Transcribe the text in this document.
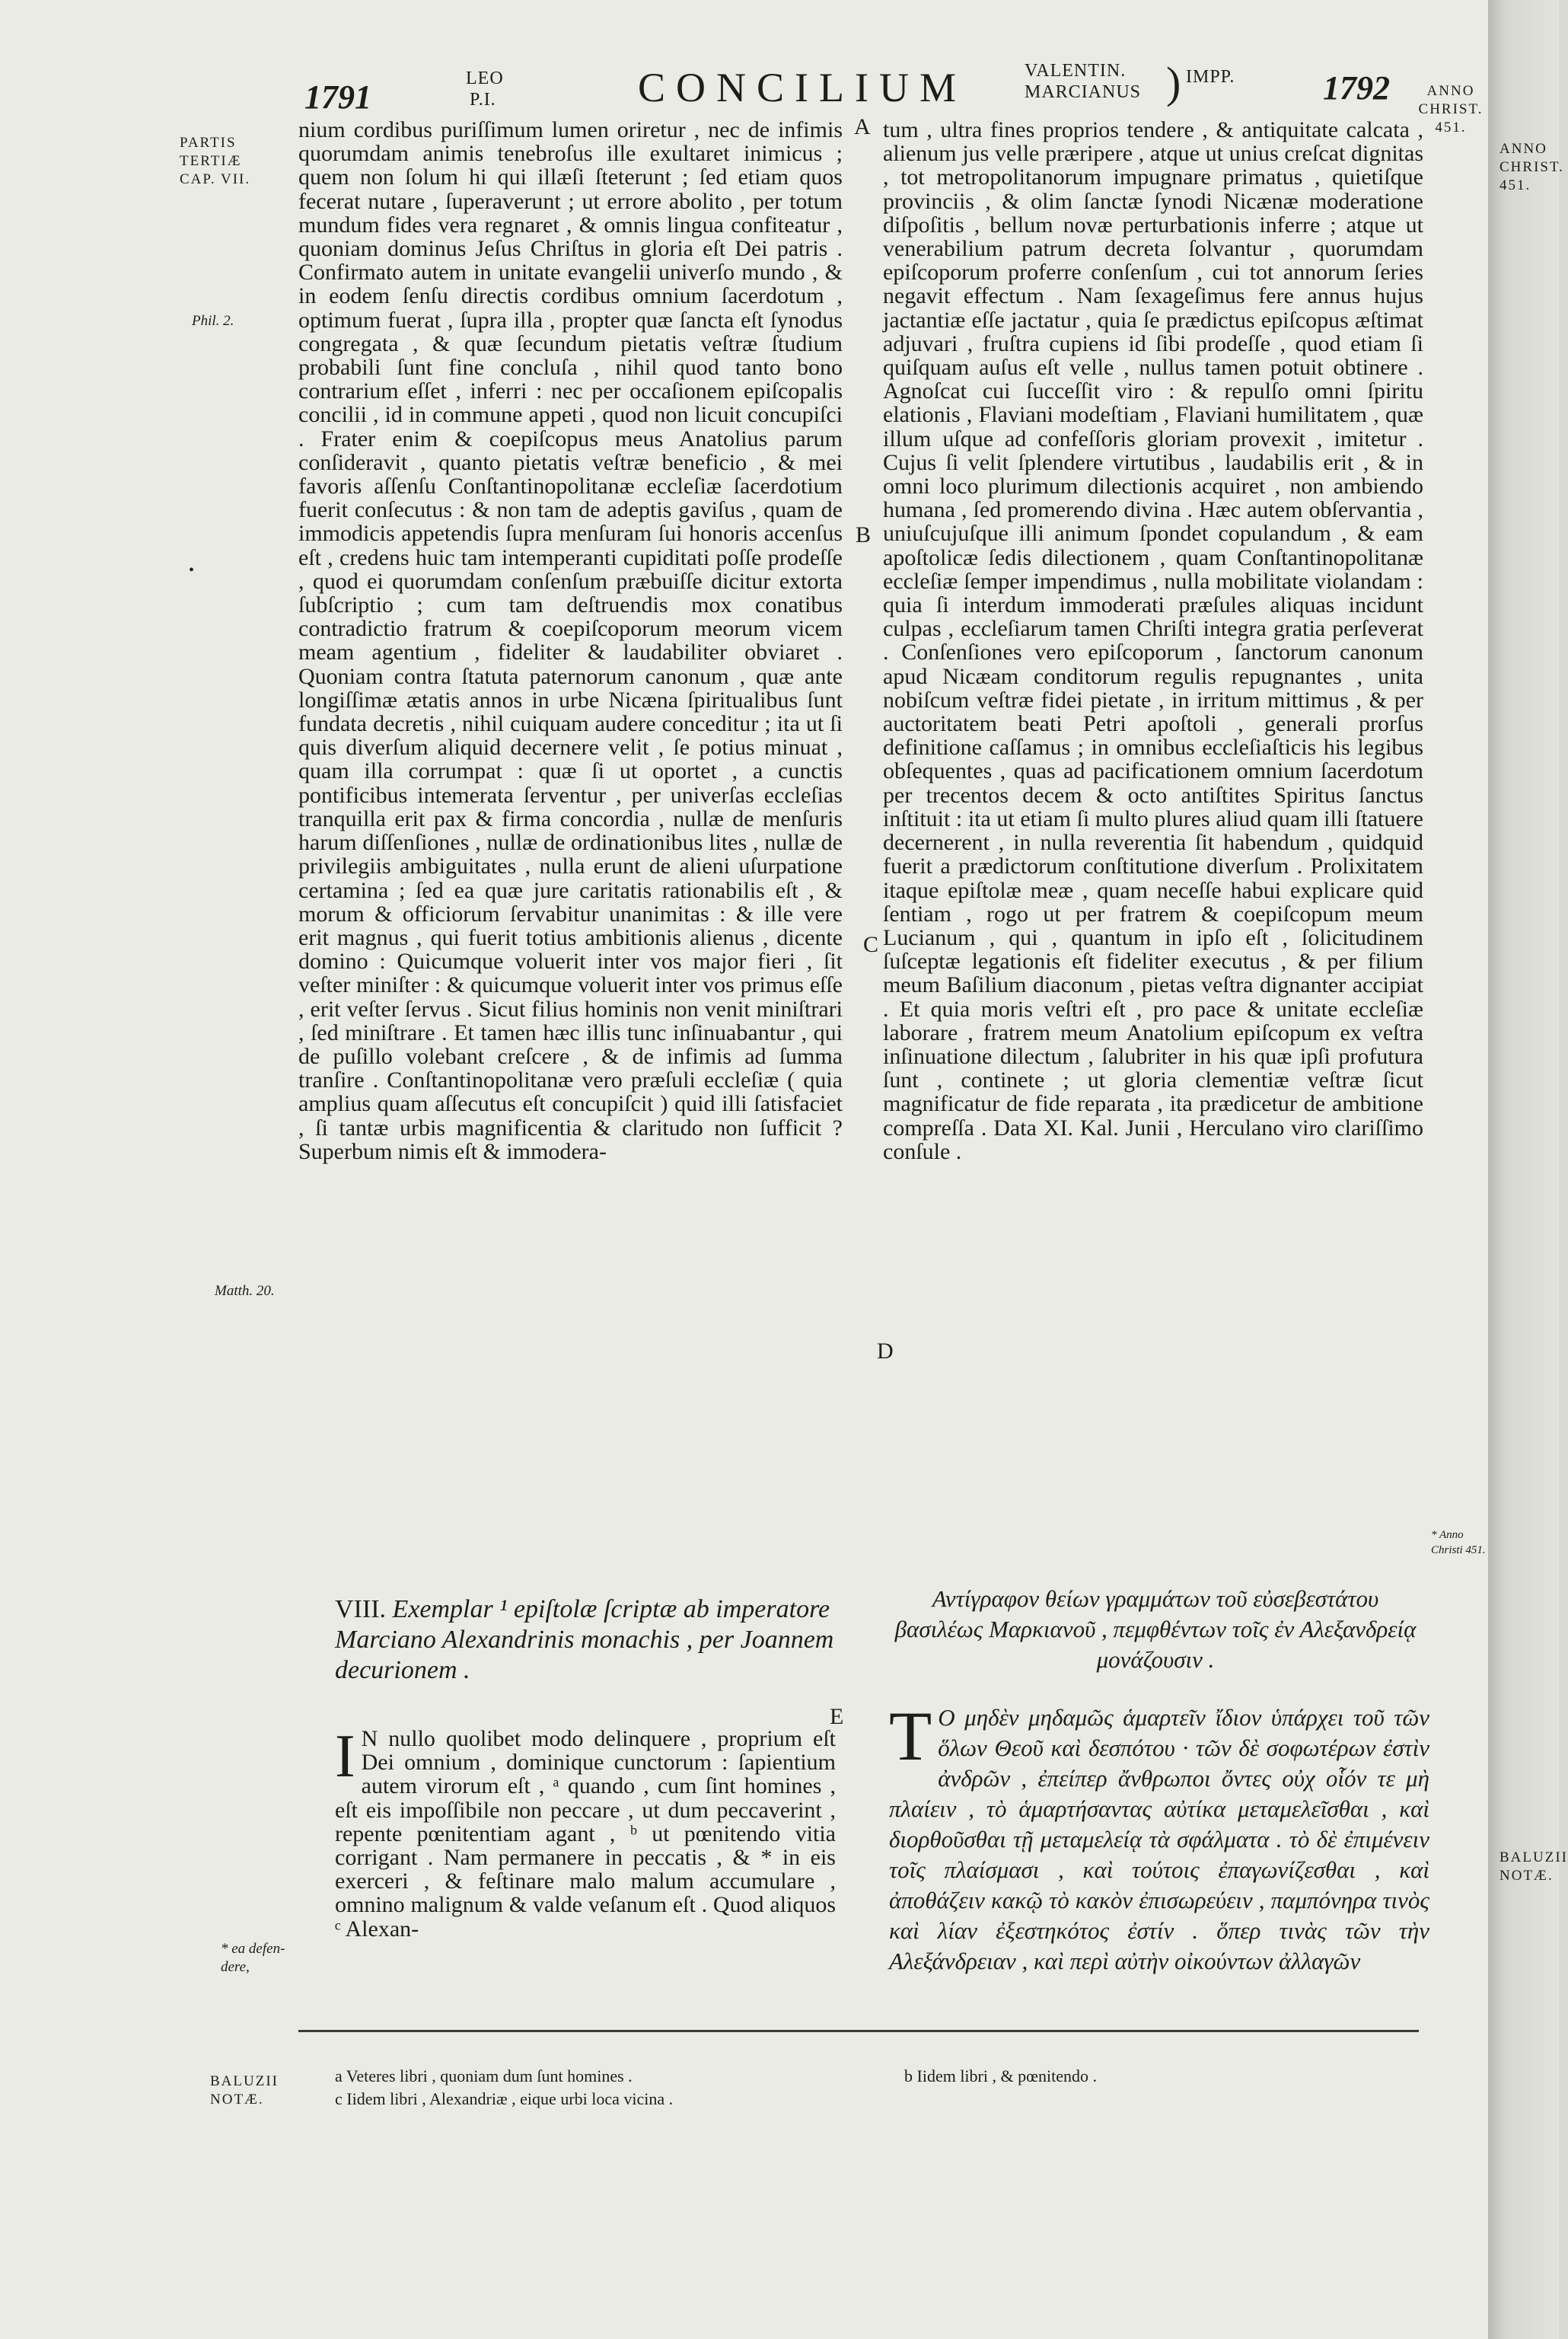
1791	LEO
P.I.	CONCILIUM	VALENTIN.
MARCIANUS ) IMPP.	1792
PARTIS
TERTIÆ
CAP. VII.
Phil. 2.
•
Matth. 20.
* ea defen-
dere,
A
B
C
D
E
ANNO
CHRIST.
451.
ANNO
CHRIST.
451.
* Anno
Christi 451.
BALUZII
NOTÆ.

nium cordibus puriſſimum lumen oriretur , nec de infimis quorumdam animis tenebroſus ille exultaret inimicus ; quem non ſolum hi qui illæſi ſteterunt ; ſed etiam quos fecerat nutare , ſuperaverunt ; ut errore abolito , per totum mundum fides vera regnaret , & omnis lingua confiteatur , quoniam dominus Jeſus Chriſtus in gloria eſt Dei patris . Confirmato autem in unitate evangelii univerſo mundo , & in eodem ſenſu directis cordibus omnium ſacerdotum , optimum fuerat , ſupra illa , propter quæ ſancta eſt ſynodus congregata , & quæ ſecundum pietatis veſtræ ſtudium probabili ſunt fine concluſa , nihil quod tanto bono contrarium eſſet , inferri : nec per occaſionem epiſcopalis concilii , id in commune appeti , quod non licuit concupiſci . Frater enim & coepiſcopus meus Anatolius parum conſideravit , quanto pietatis veſtræ beneficio , & mei favoris aſſenſu Conſtantinopolitanæ eccleſiæ ſacerdotium fuerit conſecutus : & non tam de adeptis gaviſus , quam de immodicis appetendis ſupra menſuram ſui honoris accenſus eſt , credens huic tam intemperanti cupiditati poſſe prodeſſe , quod ei quorumdam conſenſum præbuiſſe dicitur extorta ſubſcriptio ; cum tam deſtruendis mox conatibus contradictio fratrum & coepiſcoporum meorum vicem meam agentium , fideliter & laudabiliter obviaret . Quoniam contra ſtatuta paternorum canonum , quæ ante longiſſimæ ætatis annos in urbe Nicæna ſpiritualibus ſunt fundata decretis , nihil cuiquam audere conceditur ; ita ut ſi quis diverſum aliquid decernere velit , ſe potius minuat , quam illa corrumpat : quæ ſi ut oportet , a cunctis pontificibus intemerata ſerventur , per univerſas eccleſias tranquilla erit pax & firma concordia , nullæ de menſuris harum diſſenſiones , nullæ de ordinationibus lites , nullæ de privilegiis ambiguitates , nulla erunt de alieni uſurpatione certamina ; ſed ea quæ jure caritatis rationabilis eſt , & morum & officiorum ſervabitur unanimitas : & ille vere erit magnus , qui fuerit totius ambitionis alienus , dicente domino : Quicumque voluerit inter vos major fieri , ſit veſter miniſter : & quicumque voluerit inter vos primus eſſe , erit veſter ſervus . Sicut filius hominis non venit miniſtrari , ſed miniſtrare . Et tamen hæc illis tunc inſinuabantur , qui de puſillo volebant creſcere , & de infimis ad ſumma tranſire . Conſtantinopolitanæ vero præſuli eccleſiæ ( quia amplius quam aſſecutus eſt concupiſcit ) quid illi ſatisfaciet , ſi tantæ urbis magnificentia & claritudo non ſufficit ? Superbum nimis eſt & immodera-

tum , ultra fines proprios tendere , & antiquitate calcata , alienum jus velle præripere , atque ut unius creſcat dignitas , tot metropolitanorum impugnare primatus , quietiſque provinciis , & olim ſanctæ ſynodi Nicænæ moderatione diſpoſitis , bellum novæ perturbationis inferre ; atque ut venerabilium patrum decreta ſolvantur , quorumdam epiſcoporum proferre conſenſum , cui tot annorum ſeries negavit effectum . Nam ſexageſimus fere annus hujus jactantiæ eſſe jactatur , quia ſe prædictus epiſcopus æſtimat adjuvari , fruſtra cupiens id ſibi prodeſſe , quod etiam ſi quiſquam auſus eſt velle , nullus tamen potuit obtinere . Agnoſcat cui ſucceſſit viro : & repulſo omni ſpiritu elationis , Flaviani modeſtiam , Flaviani humilitatem , quæ illum uſque ad confeſſoris gloriam provexit , imitetur . Cujus ſi velit ſplendere virtutibus , laudabilis erit , & in omni loco plurimum dilectionis acquiret , non ambiendo humana , ſed promerendo divina . Hæc autem obſervantia , uniuſcujuſque illi animum ſpondet copulandum , & eam apoſtolicæ ſedis dilectionem , quam Conſtantinopolitanæ eccleſiæ ſemper impendimus , nulla mobilitate violandam : quia ſi interdum immoderati præſules aliquas incidunt culpas , eccleſiarum tamen Chriſti integra gratia perſeverat . Conſenſiones vero epiſcoporum , ſanctorum canonum apud Nicæam conditorum regulis repugnantes , unita nobiſcum veſtræ fidei pietate , in irritum mittimus , & per auctoritatem beati Petri apoſtoli , generali prorſus definitione caſſamus ; in omnibus eccleſiaſticis his legibus obſequentes , quas ad pacificationem omnium ſacerdotum per trecentos decem & octo antiſtites Spiritus ſanctus inſtituit : ita ut etiam ſi multo plures aliud quam illi ſtatuere decernerent , in nulla reverentia ſit habendum , quidquid fuerit a prædictorum conſtitutione diverſum . Prolixitatem itaque epiſtolæ meæ , quam neceſſe habui explicare quid ſentiam , rogo ut per fratrem & coepiſcopum meum Lucianum , qui , quantum in ipſo eſt , ſolicitudinem ſuſceptæ legationis eſt fideliter executus , & per filium meum Baſilium diaconum , pietas veſtra dignanter accipiat . Et quia moris veſtri eſt , pro pace & unitate eccleſiæ laborare , fratrem meum Anatolium epiſcopum ex veſtra inſinuatione dilectum , ſalubriter in his quæ ipſi profutura ſunt , continete ; ut gloria clementiæ veſtræ ſicut magnificatur de fide reparata , ita prædicetur de ambitione compreſſa . Data XI. Kal. Junii , Herculano viro clariſſimo conſule .

VIII. Exemplar ¹ epiſtolæ ſcriptæ ab imperatore Marciano Alexandrinis monachis , per Joannem decurionem .

I N nullo quolibet modo delinquere , proprium eſt Dei omnium , dominique cunctorum : ſapientium autem virorum eſt , ᵃ quando , cum ſint homines , eſt eis impoſſibile non peccare , ut dum peccaverint , repente pœnitentiam agant , ᵇ ut pœnitendo vitia corrigant . Nam permanere in peccatis , & * in eis exerceri , & feſtinare malo malum accumulare , omnino malignum & valde veſanum eſt . Quod aliquos ᶜ Alexan-

Αντίγραφον θείων γραμμάτων τοῦ εὐσεβεστάτου βασιλέως Μαρκιανοῦ , πεμφθέντων τοῖς ἐν Αλεξανδρείᾳ μονάζουσιν .
Τ Ο μηδὲν μηδαμῶς ἁμαρτεῖν ἴδιον ὑπάρχει τοῦ τῶν ὅλων Θεοῦ καὶ δεσπότου · τῶν δὲ σοφωτέρων ἐστὶν ἀνδρῶν , ἐπείπερ ἄνθρωποι ὄντες οὐχ οἷόν τε μὴ πλαίειν , τὸ ἁμαρτήσαντας αὐτίκα μεταμελεῖσθαι , καὶ διορθοῦσθαι τῇ μεταμελείᾳ τὰ σφάλματα . τὸ δὲ ἐπιμένειν τοῖς πλαίσμασι , καὶ τούτοις ἐπαγωνίζεσθαι , καὶ ἀποθάζειν κακῷ τὸ κακὸν ἐπισωρεύειν , παμπόνηρα τινὸς καὶ λίαν ἐξεστηκότος ἐστίν . ὅπερ τινὰς τῶν τὴν Αλεξάνδρειαν , καὶ περὶ αὐτὴν οἰκούντων ἀλλαγῶν
BALUZII
NOTÆ.
a Veteres libri , quoniam dum ſunt homines .
c Iidem libri , Alexandriæ , eique urbi loca vicina .
b Iidem libri , & pœnitendo .
